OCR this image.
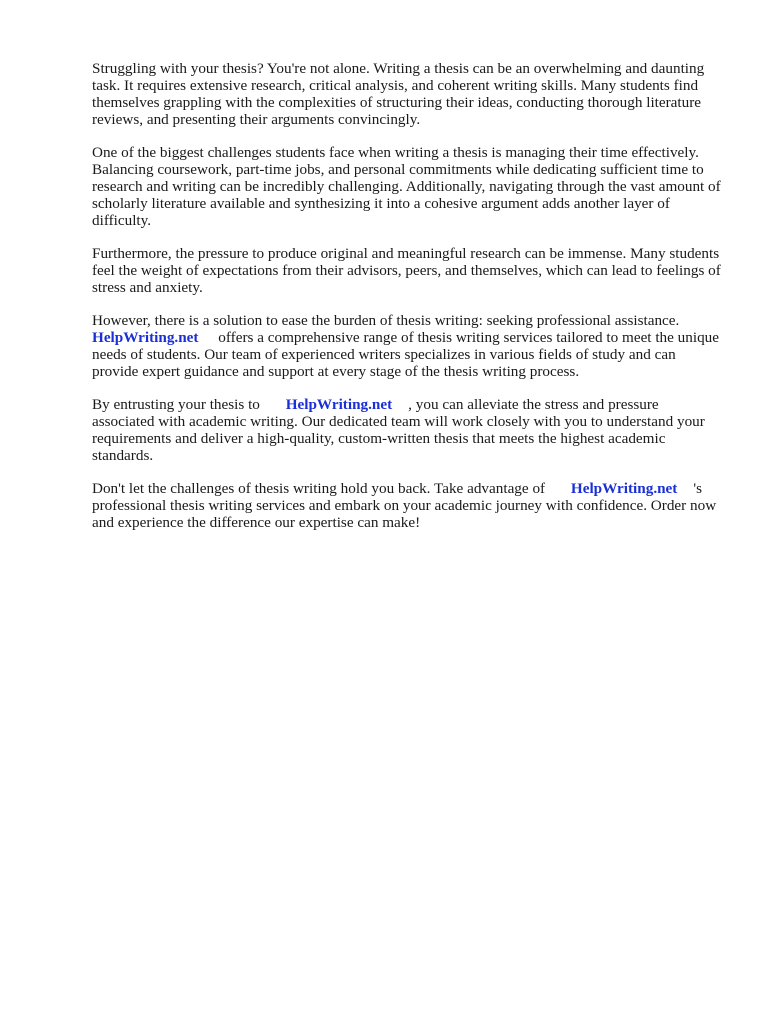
Struggling with your thesis? You're not alone. Writing a thesis can be an overwhelming and daunting task. It requires extensive research, critical analysis, and coherent writing skills. Many students find themselves grappling with the complexities of structuring their ideas, conducting thorough literature reviews, and presenting their arguments convincingly.

One of the biggest challenges students face when writing a thesis is managing their time effectively. Balancing coursework, part-time jobs, and personal commitments while dedicating sufficient time to research and writing can be incredibly challenging. Additionally, navigating through the vast amount of scholarly literature available and synthesizing it into a cohesive argument adds another layer of difficulty.

Furthermore, the pressure to produce original and meaningful research can be immense. Many students feel the weight of expectations from their advisors, peers, and themselves, which can lead to feelings of stress and anxiety.

However, there is a solution to ease the burden of thesis writing: seeking professional assistance. HelpWriting.net offers a comprehensive range of thesis writing services tailored to meet the unique needs of students. Our team of experienced writers specializes in various fields of study and can provide expert guidance and support at every stage of the thesis writing process.

By entrusting your thesis to HelpWriting.net , you can alleviate the stress and pressure associated with academic writing. Our dedicated team will work closely with you to understand your requirements and deliver a high-quality, custom-written thesis that meets the highest academic standards.

Don't let the challenges of thesis writing hold you back. Take advantage of HelpWriting.net 's professional thesis writing services and embark on your academic journey with confidence. Order now and experience the difference our expertise can make!
